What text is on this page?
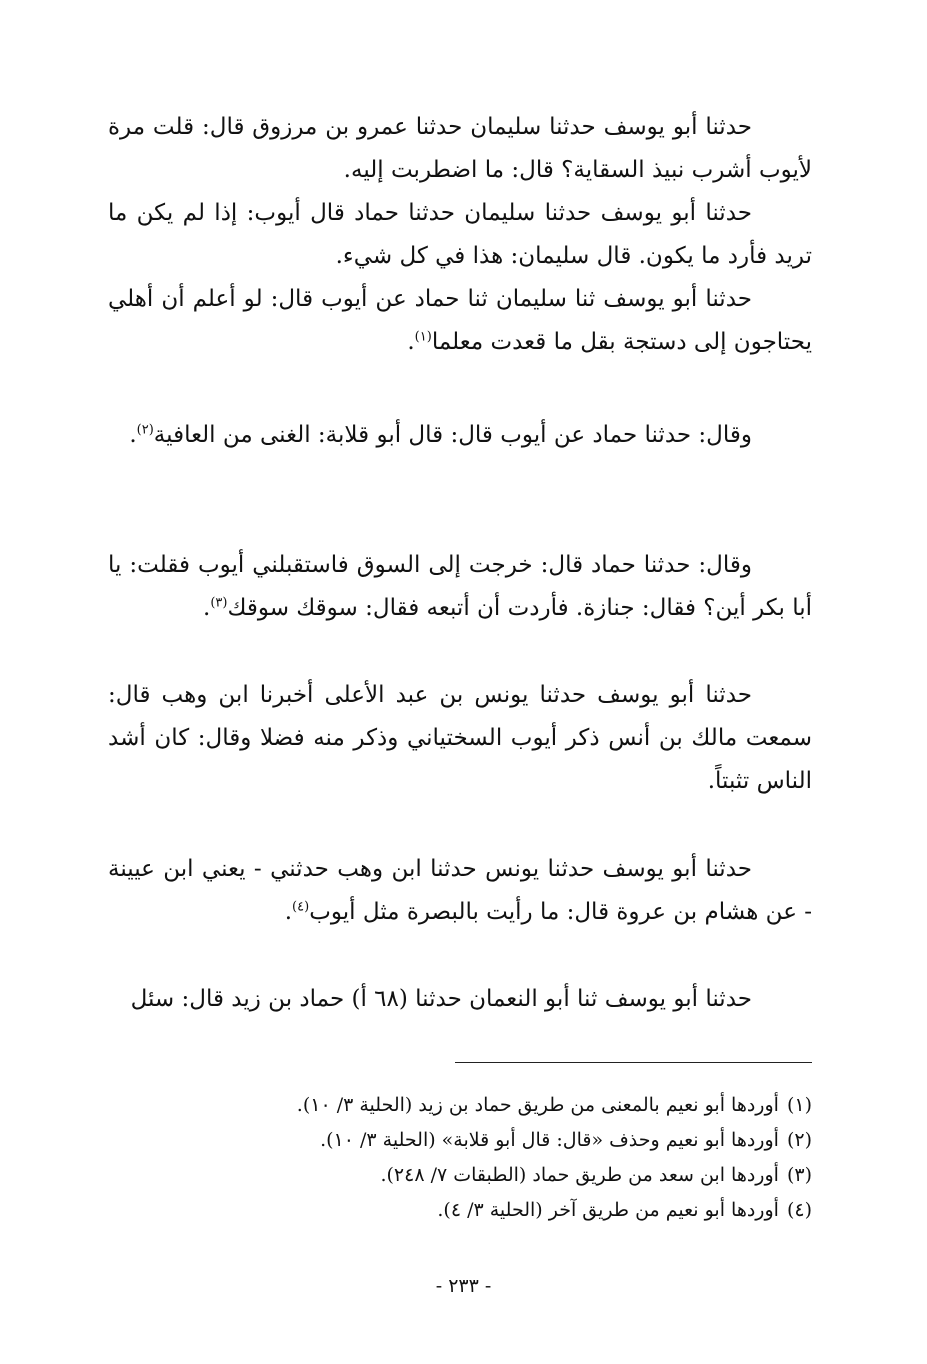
حدثنا أبو يوسف حدثنا سليمان حدثنا عمرو بن مرزوق قال: قلت مرة لأيوب أشرب نبيذ السقاية؟ قال: ما اضطربت إليه.

حدثنا أبو يوسف حدثنا سليمان حدثنا حماد قال أيوب: إذا لم يكن ما تريد فأرد ما يكون. قال سليمان: هذا في كل شيء.

حدثنا أبو يوسف ثنا سليمان ثنا حماد عن أيوب قال: لو أعلم أن أهلي يحتاجون إلى دستجة بقل ما قعدت معلما$^{(١)}$.

وقال: حدثنا حماد عن أيوب قال: قال أبو قلابة: الغنى من العافية$^{(٢)}$.

وقال: حدثنا حماد قال: خرجت إلى السوق فاستقبلني أيوب فقلت: يا أبا بكر أين؟ فقال: جنازة. فأردت أن أتبعه فقال: سوقك سوقك$^{(٣)}$.

حدثنا أبو يوسف حدثنا يونس بن عبد الأعلى أخبرنا ابن وهب قال: سمعت مالك بن أنس ذكر أيوب السختياني وذكر منه فضلا وقال: كان أشد الناس تثبتاً.

حدثنا أبو يوسف حدثنا يونس حدثنا ابن وهب حدثني - يعني ابن عيينة - عن هشام بن عروة قال: ما رأيت بالبصرة مثل أيوب$^{(٤)}$.

حدثنا أبو يوسف ثنا أبو النعمان حدثنا (٦٨ أ) حماد بن زيد قال: سئل

(١)أوردها أبو نعيم بالمعنى من طريق حماد بن زيد (الحلية ٣/ ١٠).

(٢)أوردها أبو نعيم وحذف «قال: قال أبو قلابة» (الحلية ٣/ ١٠).

(٣)أوردها ابن سعد من طريق حماد (الطبقات ٧/ ٢٤٨).

(٤)أوردها أبو نعيم من طريق آخر (الحلية ٣/ ٤).

- ٢٣٣ -
